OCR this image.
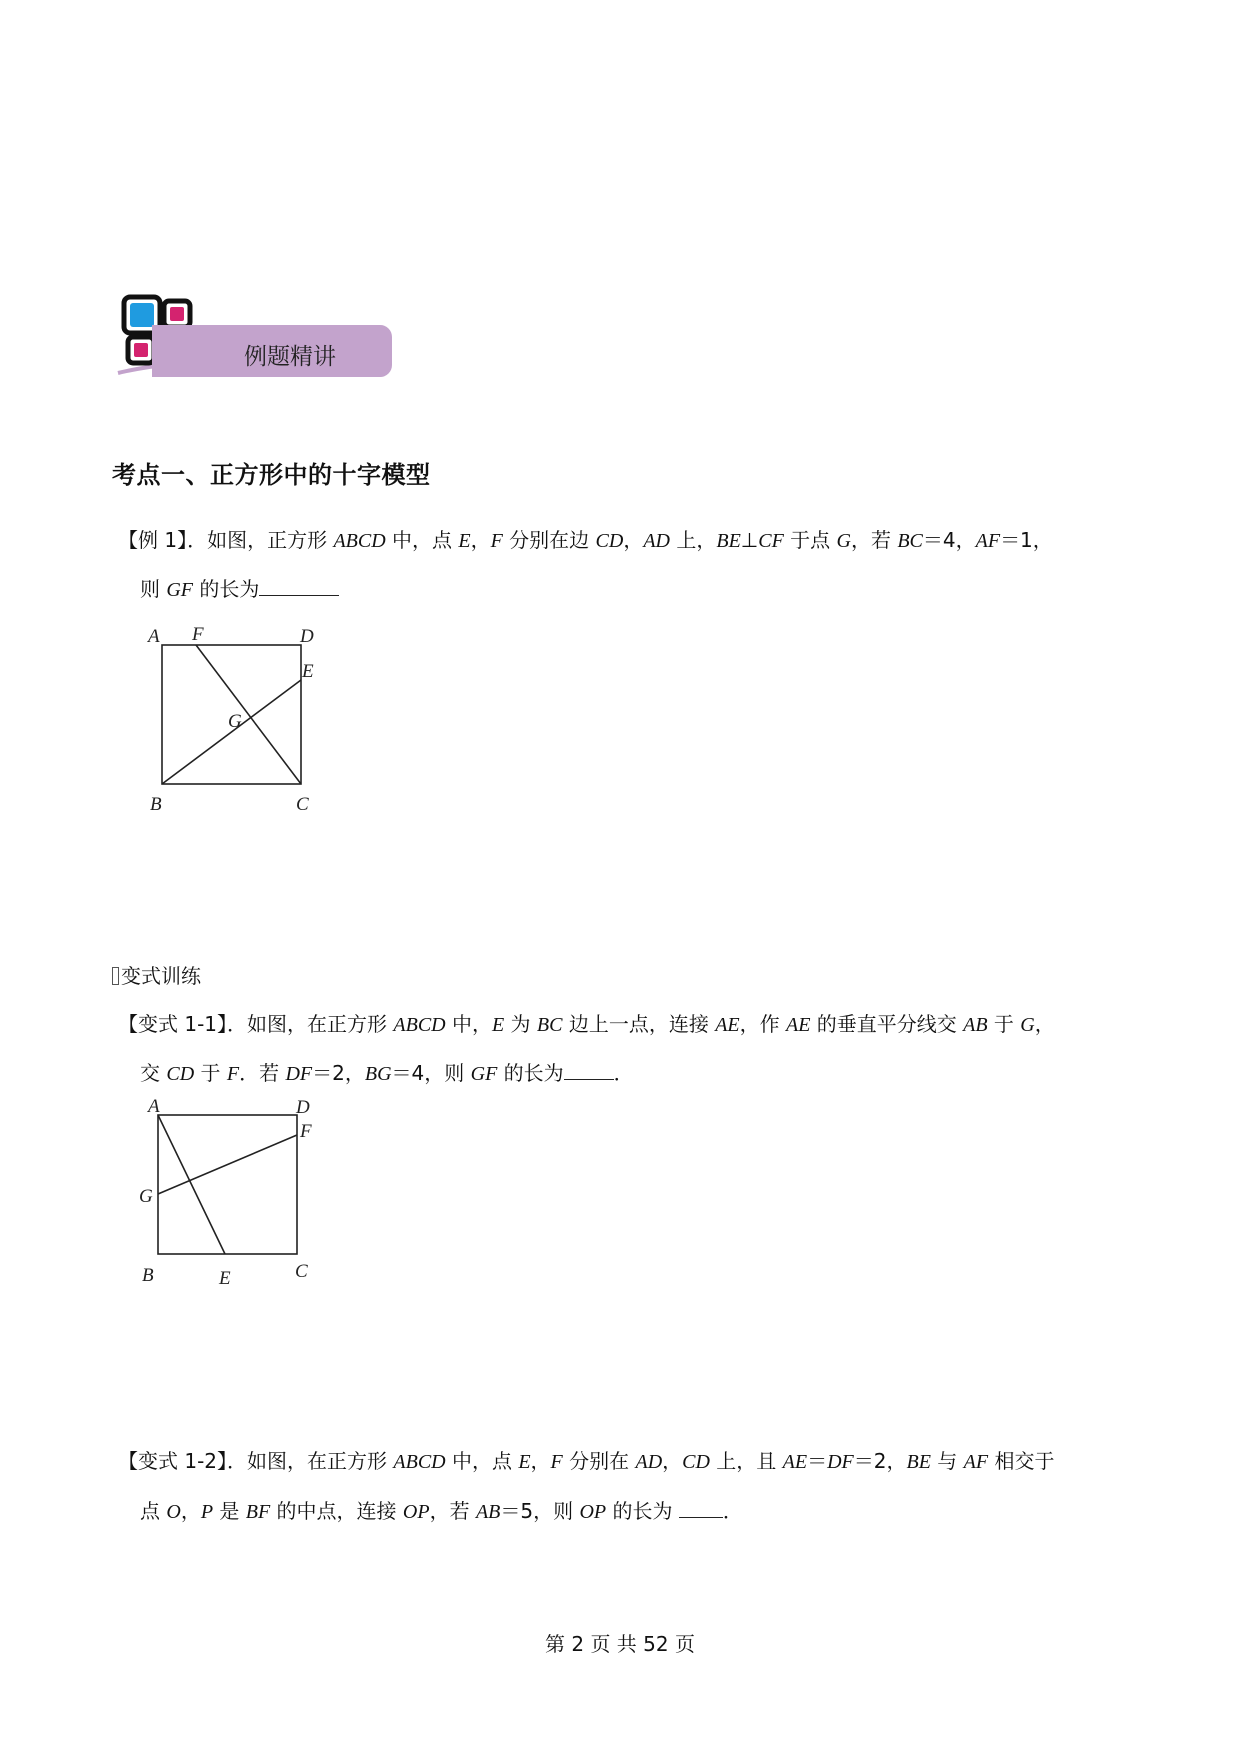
例题精讲
考点一、正方形中的十字模型
【例 1】．如图，正方形 ABCD 中，点 E，F 分别在边 CD，AD 上，BE⊥CF 于点 G，若 BC＝4，AF＝1，
则 GF 的长为
A F	D
E
G
B	C
变式训练
【变式 1-1】．如图，在正方形 ABCD 中，E 为 BC 边上一点，连接 AE，作 AE 的垂直平分线交 AB 于 G，
交 CD 于 F．若 DF＝2，BG＝4，则 GF 的长为	．
A	D
F
G
B	E	C
【变式 1-2】．如图，在正方形 ABCD 中，点 E，F 分别在 AD，CD 上，且 AE＝DF＝2，BE 与 AF 相交于
点 O，P 是 BF 的中点，连接 OP，若 AB＝5，则 OP 的长为 ．
第 2 页 共 52 页
